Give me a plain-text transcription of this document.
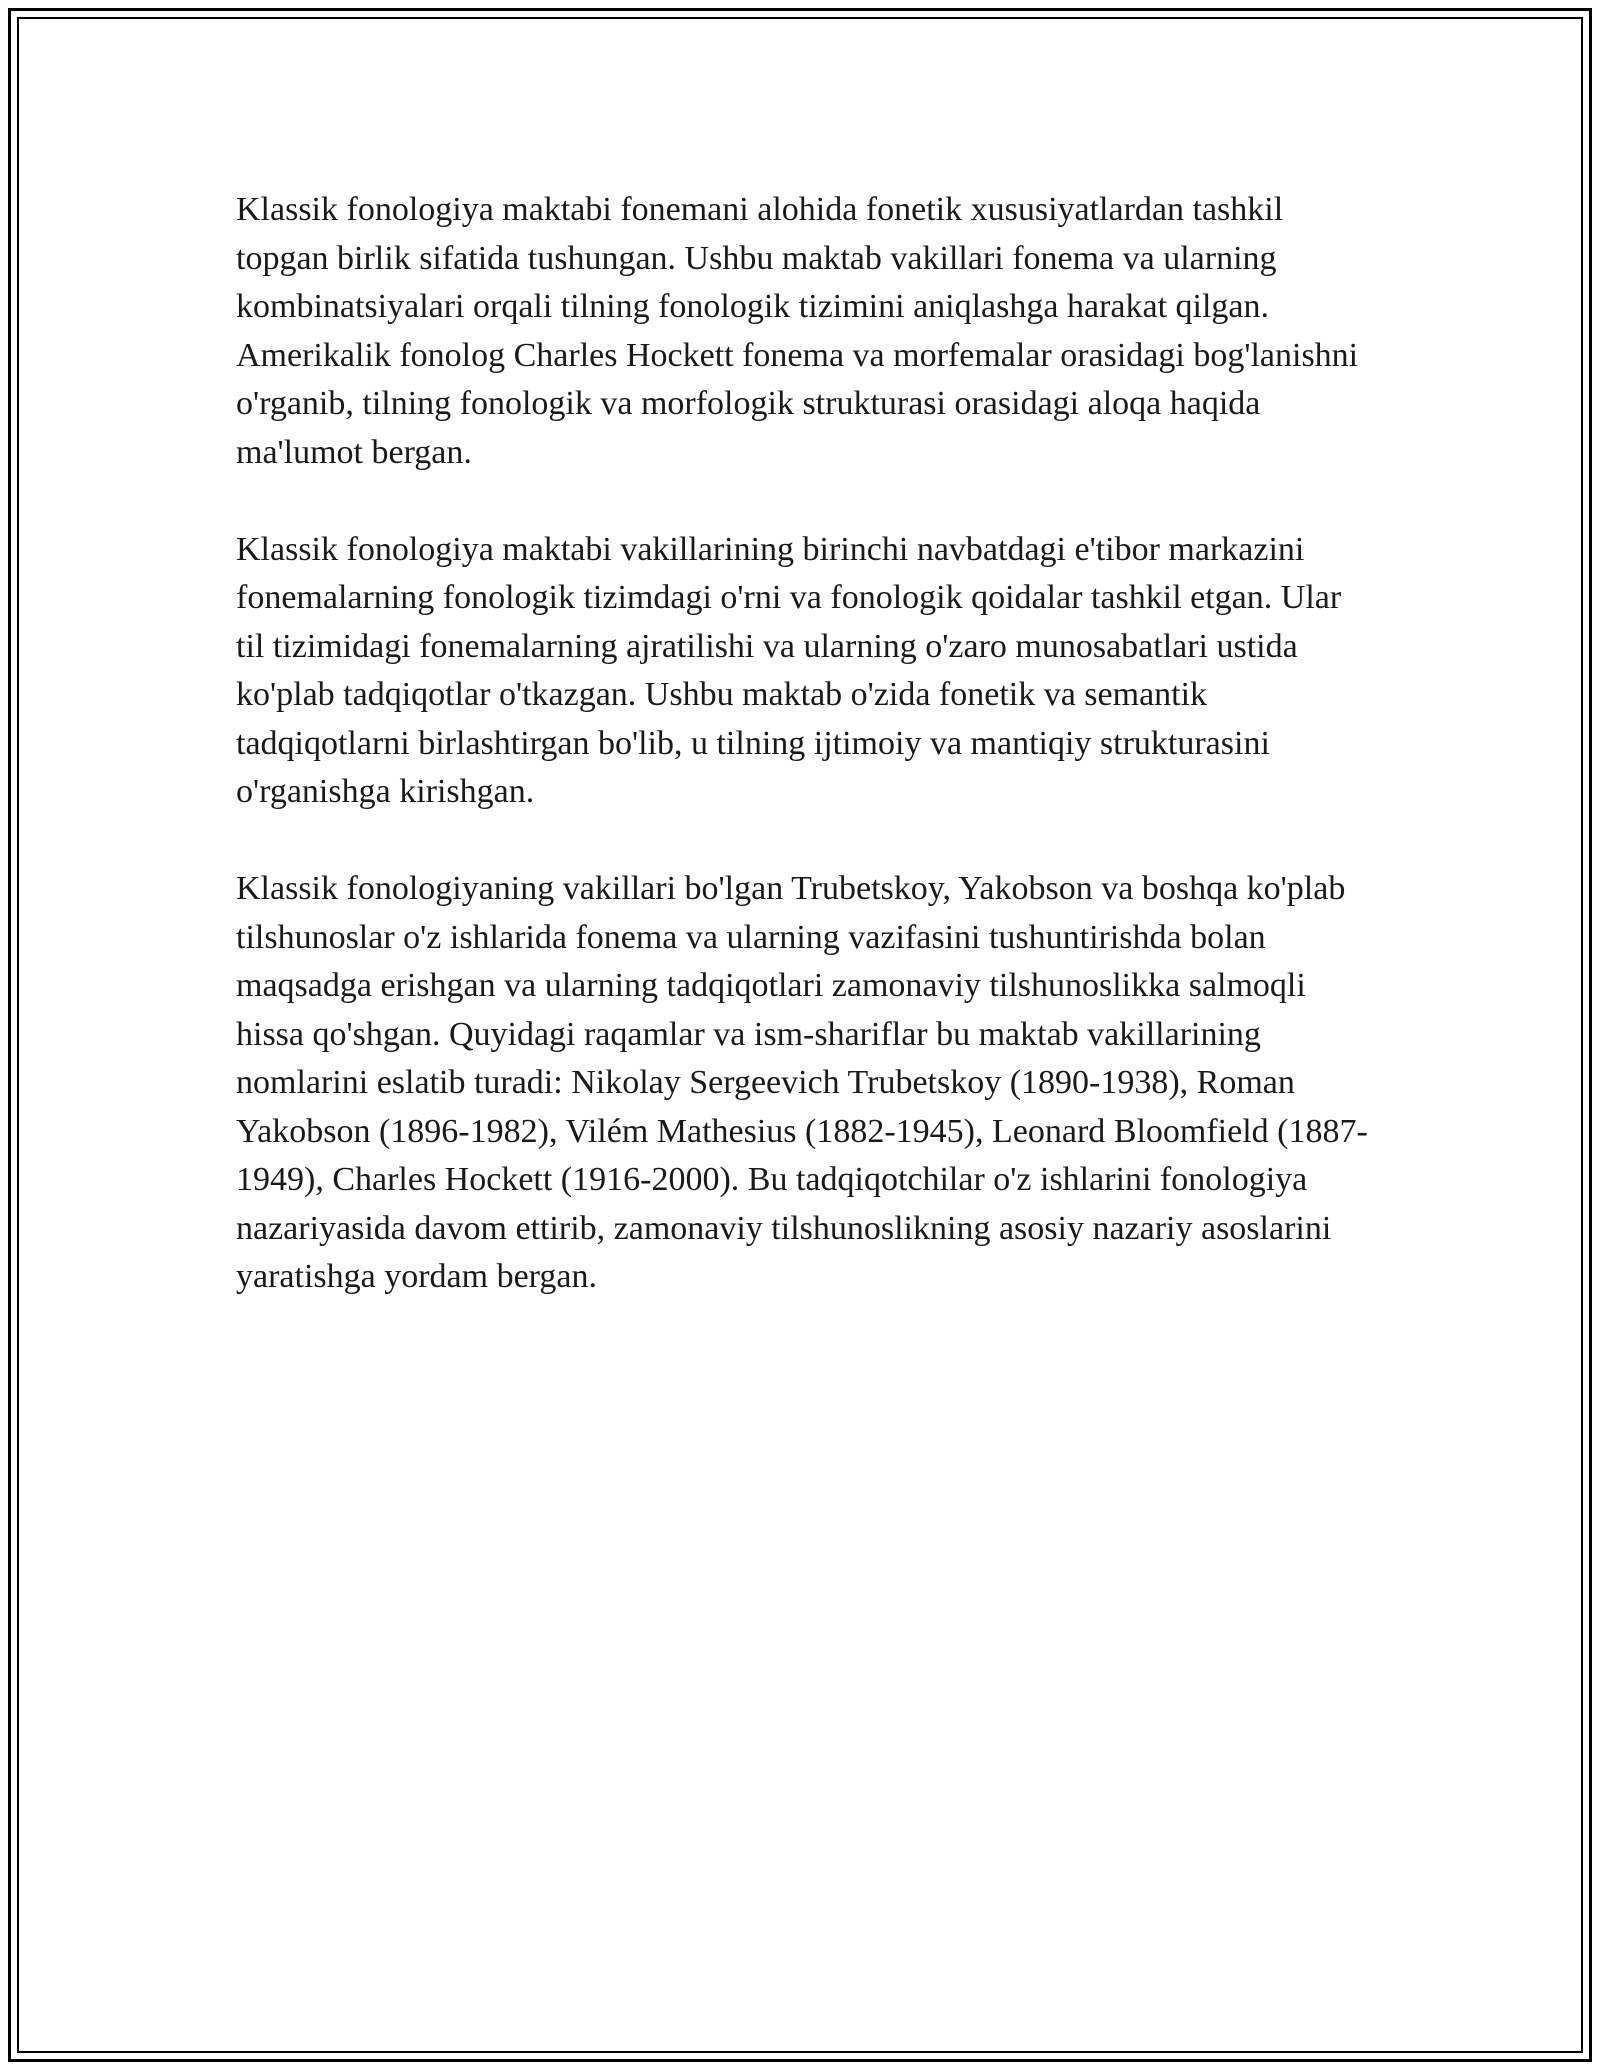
Klassik fonologiya maktabi fonemani alohida fonetik xususiyatlardan tashkil topgan birlik sifatida tushungan. Ushbu maktab vakillari fonema va ularning kombinatsiyalari orqali tilning fonologik tizimini aniqlashga harakat qilgan. Amerikalik fonolog Charles Hockett fonema va morfemalar orasidagi bog'lanishni o'rganib, tilning fonologik va morfologik strukturasi orasidagi aloqa haqida ma'lumot bergan.

Klassik fonologiya maktabi vakillarining birinchi navbatdagi e'tibor markazini fonemalarning fonologik tizimdagi o'rni va fonologik qoidalar tashkil etgan. Ular til tizimidagi fonemalarning ajratilishi va ularning o'zaro munosabatlari ustida ko'plab tadqiqotlar o'tkazgan. Ushbu maktab o'zida fonetik va semantik tadqiqotlarni birlashtirgan bo'lib, u tilning ijtimoiy va mantiqiy strukturasini o'rganishga kirishgan.

Klassik fonologiyaning vakillari bo'lgan Trubetskoy, Yakobson va boshqa ko'plab tilshunoslar o'z ishlarida fonema va ularning vazifasini tushuntirishda bolan maqsadga erishgan va ularning tadqiqotlari zamonaviy tilshunoslikka salmoqli hissa qo'shgan. Quyidagi raqamlar va ism-shariflar bu maktab vakillarining nomlarini eslatib turadi: Nikolay Sergeevich Trubetskoy (1890-1938), Roman Yakobson (1896-1982), Vilém Mathesius (1882-1945), Leonard Bloomfield (1887-1949), Charles Hockett (1916-2000). Bu tadqiqotchilar o'z ishlarini fonologiya nazariyasida davom ettirib, zamonaviy tilshunoslikning asosiy nazariy asoslarini yaratishga yordam bergan.
